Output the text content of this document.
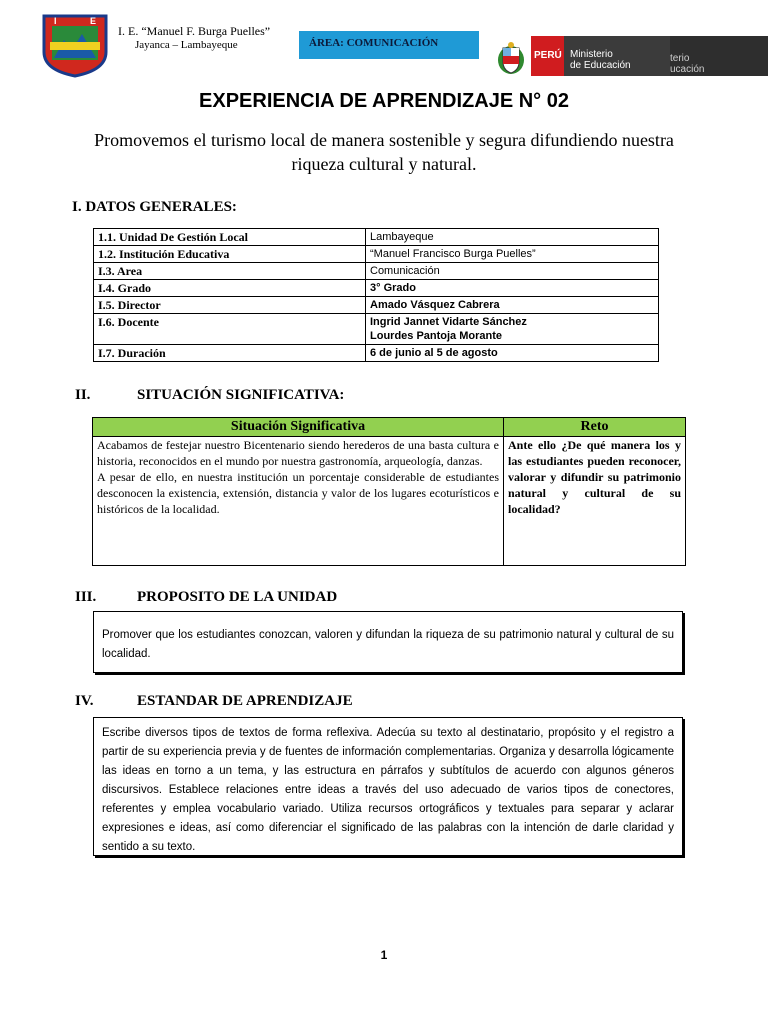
I	E
I. E. “Manuel F. Burga Puelles”
Jayanca – Lambayeque	ÁREA: COMUNICACIÓN
PERÚ Ministerio
de Educación
terio
ucación
EXPERIENCIA DE APRENDIZAJE N° 02
Promovemos el turismo local de manera sostenible y segura difundiendo nuestra riqueza cultural y natural.
I. DATOS GENERALES:
1.1. Unidad De Gestión Local	Lambayeque
1.2. Institución Educativa	“Manuel Francisco Burga Puelles”
I.3. Area	Comunicación
I.4. Grado	3° Grado
I.5. Director	Amado Vásquez Cabrera
I.6. Docente	Ingrid Jannet Vidarte Sánchez
Lourdes Pantoja Morante

I.7. Duración	6 de junio al 5 de agosto
II.	SITUACIÓN SIGNIFICATIVA:
Situación Significativa	Reto

Acabamos de festejar nuestro Bicentenario siendo herederos de una basta cultura e historia, reconocidos en el mundo por nuestra gastronomía, arqueología, danzas.
A pesar de ello, en nuestra institución un porcentaje considerable de estudiantes desconocen la existencia, extensión, distancia y valor de los lugares ecoturísticos e históricos de la localidad.	Ante ello ¿De qué manera los y las estudiantes pueden reconocer, valorar y difundir su patrimonio natural y cultural de su localidad?
III.	PROPOSITO DE LA UNIDAD
Promover que los estudiantes conozcan, valoren y difundan la riqueza de su patrimonio natural y cultural de su localidad.
IV.	ESTANDAR DE APRENDIZAJE
Escribe diversos tipos de textos de forma reflexiva. Adecúa su texto al destinatario, propósito y el registro a partir de su experiencia previa y de fuentes de información complementarias. Organiza y desarrolla lógicamente las ideas en torno a un tema, y las estructura en párrafos y subtítulos de acuerdo con algunos géneros discursivos. Establece relaciones entre ideas a través del uso adecuado de varios tipos de conectores, referentes y emplea vocabulario variado. Utiliza recursos ortográficos y textuales para separar y aclarar expresiones e ideas, así como diferenciar el significado de las palabras con la intención de darle claridad y sentido a su texto.
1
